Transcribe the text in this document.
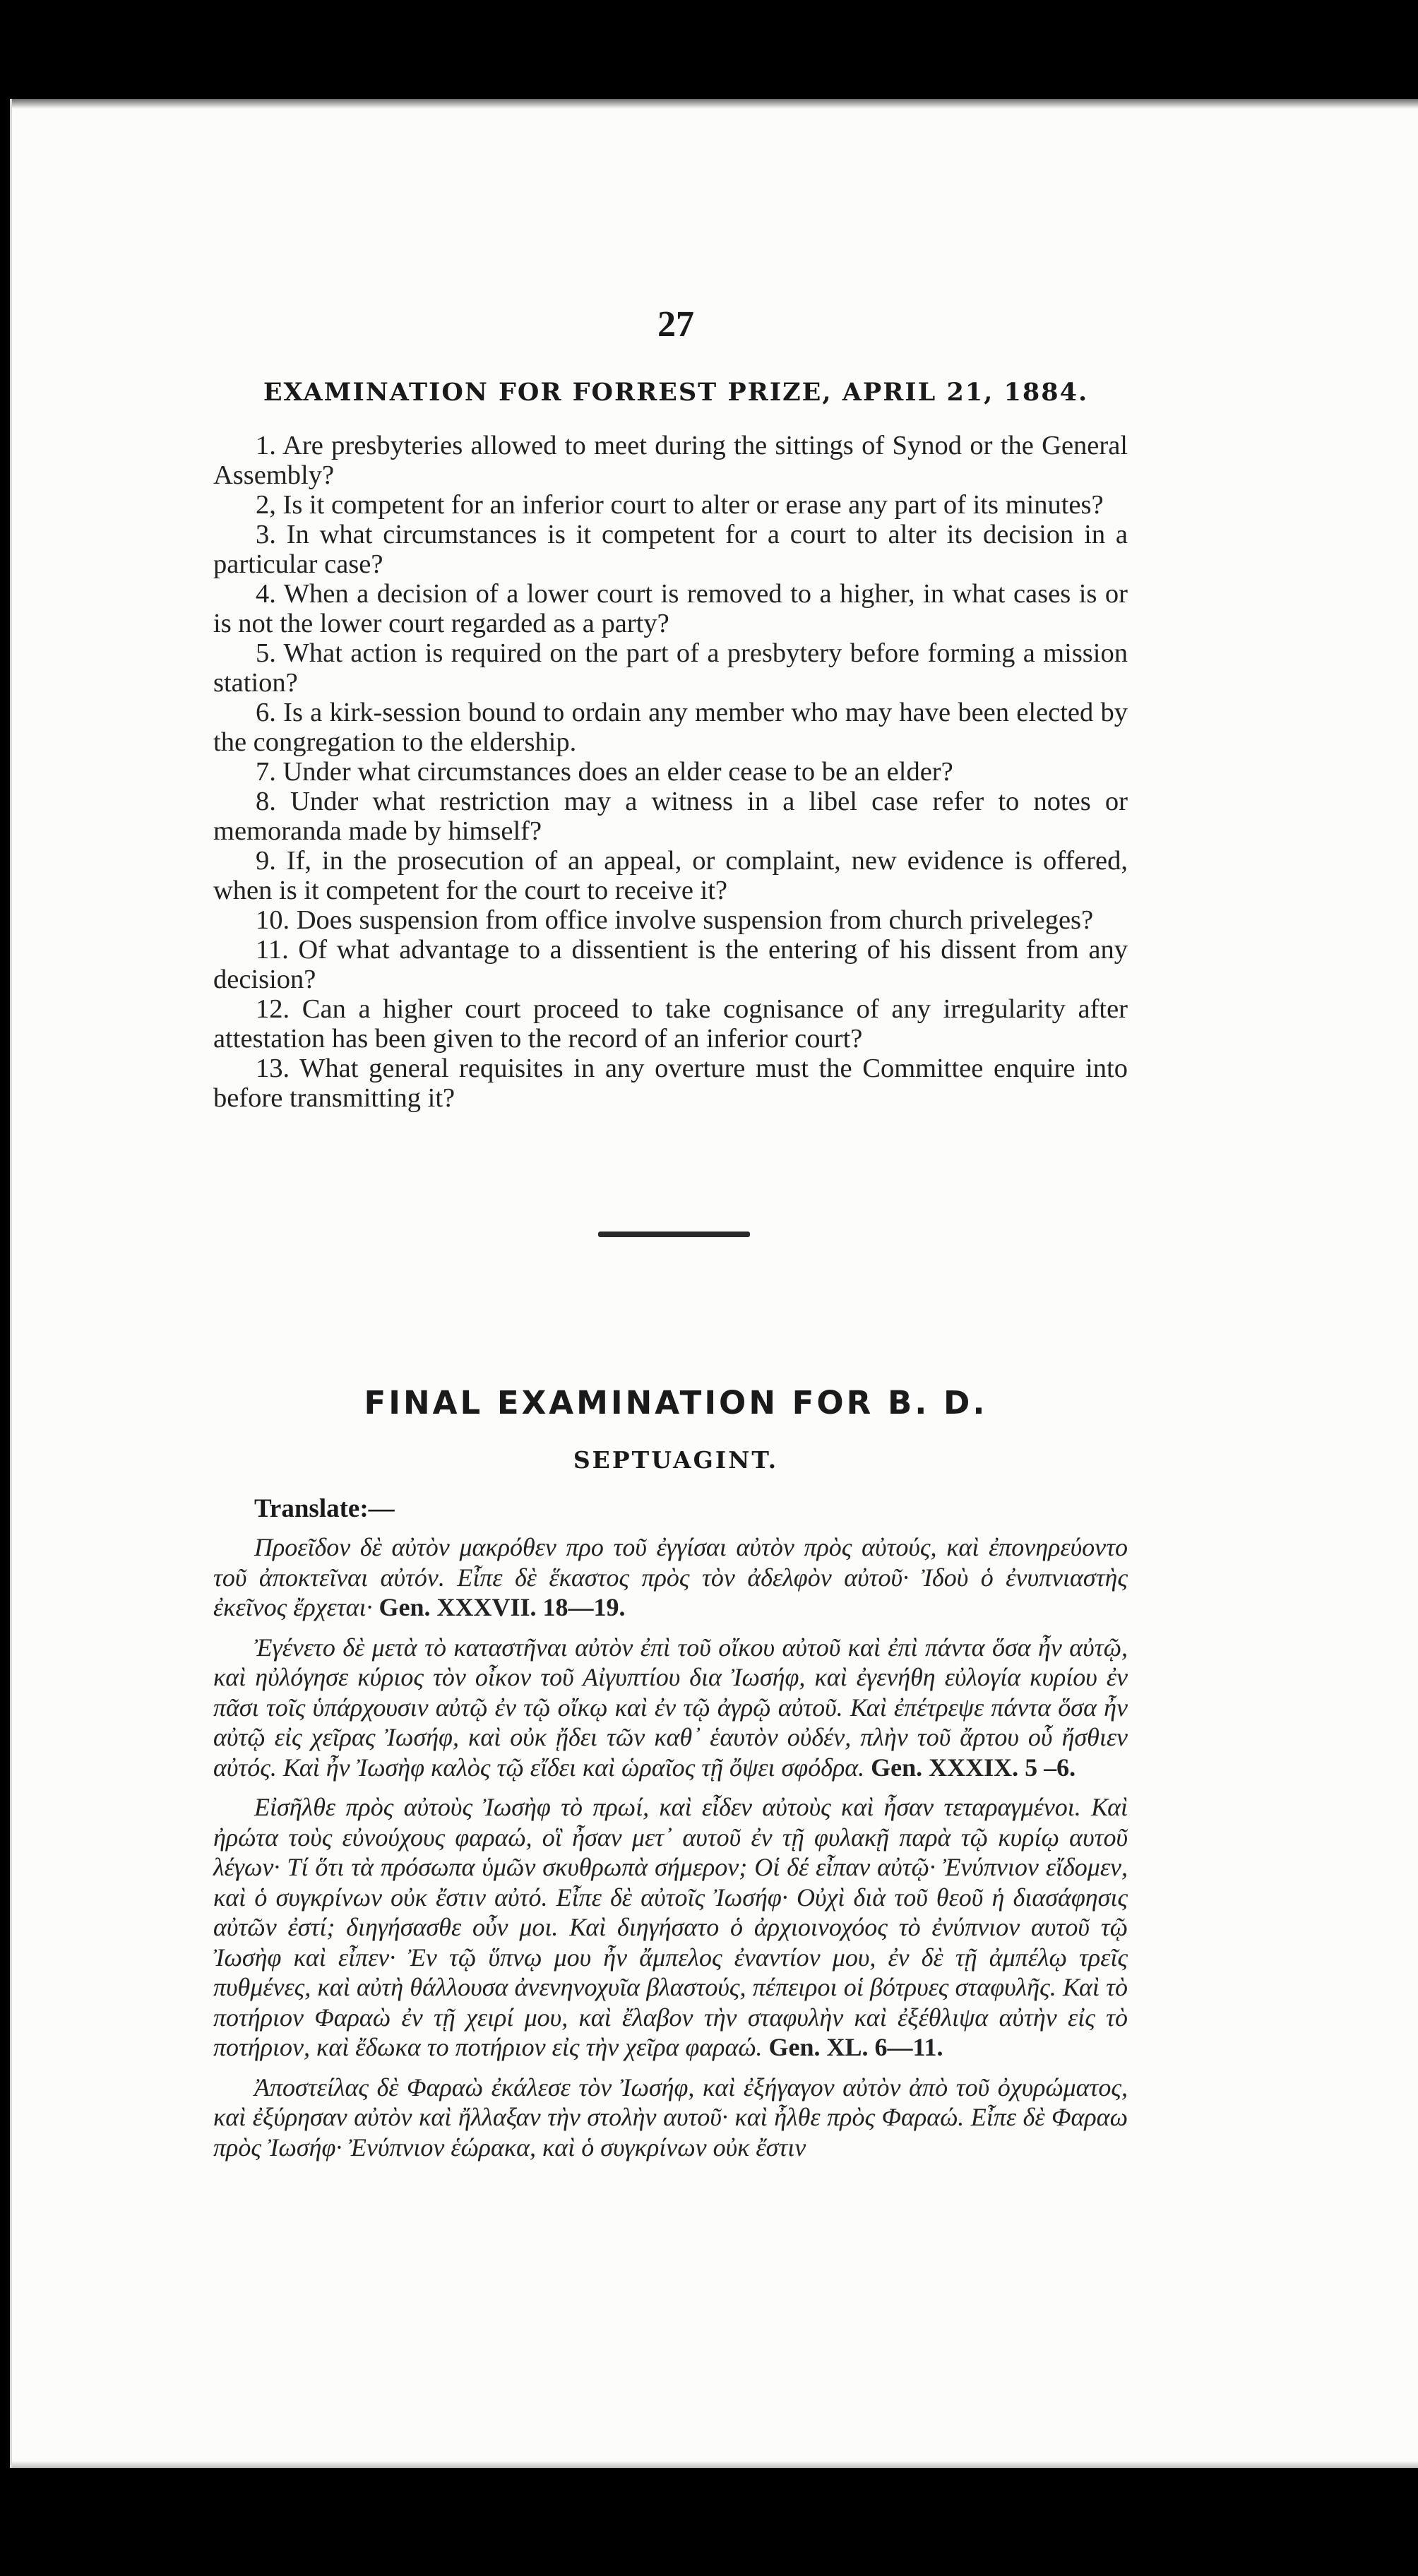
27
EXAMINATION FOR FORREST PRIZE, APRIL 21, 1884.

1. Are presbyteries allowed to meet during the sittings of Synod or the General Assembly?

2, Is it competent for an inferior court to alter or erase any part of its minutes?

3. In what circumstances is it competent for a court to alter its decision in a particular case?

4. When a decision of a lower court is removed to a higher, in what cases is or is not the lower court regarded as a party?

5. What action is required on the part of a presbytery before forming a mission station?

6. Is a kirk-session bound to ordain any member who may have been elected by the congregation to the eldership.

7. Under what circumstances does an elder cease to be an elder?

8. Under what restriction may a witness in a libel case refer to notes or memoranda made by himself?

9. If, in the prosecution of an appeal, or complaint, new evidence is offered, when is it competent for the court to receive it?

10. Does suspension from office involve suspension from church priveleges?

11. Of what advantage to a dissentient is the entering of his dissent from any decision?

12. Can a higher court proceed to take cognisance of any irregularity after attestation has been given to the record of an inferior court?

13. What general requisites in any overture must the Committee enquire into before transmitting it?

FINAL EXAMINATION FOR B. D.
SEPTUAGINT.
Translate:—

Προεῖδον δὲ αὐτὸν μακρόθεν προ τοῦ ἐγγίσαι αὐτὸν πρὸς αὐτούς, καὶ ἐπονηρεύοντο τοῦ ἀποκτεῖναι αὐτόν. Εἶπε δὲ ἕκαστος πρὸς τὸν ἀδελφὸν αὐτοῦ· Ἰδοὺ ὁ ἐνυπνιαστὴς ἐκεῖνος ἔρχεται· Gen. XXXVII. 18—19.

Ἐγένετο δὲ μετὰ τὸ καταστῆναι αὐτὸν ἐπὶ τοῦ οἴκου αὐτοῦ καὶ ἐπὶ πάντα ὅσα ἦν αὐτῷ, καὶ ηὐλόγησε κύριος τὸν οἶκον τοῦ Αἰγυπτίου δια Ἰωσήφ, καὶ ἐγενήθη εὐλογία κυρίου ἐν πᾶσι τοῖς ὑπάρχουσιν αὐτῷ ἐν τῷ οἴκῳ καὶ ἐν τῷ ἀγρῷ αὐτοῦ. Καὶ ἐπέτρεψε πάντα ὅσα ἦν αὐτῷ εἰς χεῖρας Ἰωσήφ, καὶ οὐκ ᾔδει τῶν καθ᾽ ἑαυτὸν οὐδέν, πλὴν τοῦ ἄρτου οὗ ἤσθιεν αὐτός. Καὶ ἦν Ἰωσὴφ καλὸς τῷ εἴδει καὶ ὡραῖος τῇ ὄψει σφόδρα. Gen. XXXIX. 5 –6.

Εἰσῆλθε πρὸς αὐτοὺς Ἰωσὴφ τὸ πρωί, καὶ εἶδεν αὐτοὺς καὶ ἦσαν τεταραγμένοι. Καὶ ἠρώτα τοὺς εὐνούχους φαραώ, οἳ ἦσαν μετ᾽ αυτοῦ ἐν τῇ φυλακῇ παρὰ τῷ κυρίῳ αυτοῦ λέγων· Τί ὅτι τὰ πρόσωπα ὑμῶν σκυθρωπὰ σήμερον; Οἱ δέ εἶπαν αὐτῷ· Ἐνύπνιον εἴδομεν, καὶ ὁ συγκρίνων οὐκ ἔστιν αὐτό. Εἶπε δὲ αὐτοῖς Ἰωσήφ· Οὐχὶ διὰ τοῦ θεοῦ ἡ διασάφησις αὐτῶν ἐστί; διηγήσασθε οὖν μοι. Καὶ διηγήσατο ὁ ἀρχιοινοχόος τὸ ἐνύπνιον αυτοῦ τῷ Ἰωσὴφ καὶ εἶπεν· Ἐν τῷ ὕπνῳ μου ἦν ἄμπελος ἐναντίον μου, ἐν δὲ τῇ ἀμπέλῳ τρεῖς πυθμένες, καὶ αὐτὴ θάλλουσα ἀνενηνοχυῖα βλαστούς, πέπειροι οἱ βότρυες σταφυλῆς. Καὶ τὸ ποτήριον Φαραὼ ἐν τῇ χειρί μου, καὶ ἔλαβον τὴν σταφυλὴν καὶ ἐξέθλιψα αὐτὴν εἰς τὸ ποτήριον, καὶ ἔδωκα το ποτήριον εἰς τὴν χεῖρα φαραώ. Gen. XL. 6—11.

Ἀποστείλας δὲ Φαραὼ ἐκάλεσε τὸν Ἰωσήφ, καὶ ἐξήγαγον αὐτὸν ἀπὸ τοῦ ὀχυρώματος, καὶ ἐξύρησαν αὐτὸν καὶ ἤλλαξαν τὴν στολὴν αυτοῦ· καὶ ἦλθε πρὸς Φαραώ. Εἶπε δὲ Φαραω πρὸς Ἰωσήφ· Ἐνύπνιον ἑώρακα, καὶ ὁ συγκρίνων οὐκ ἔστιν
